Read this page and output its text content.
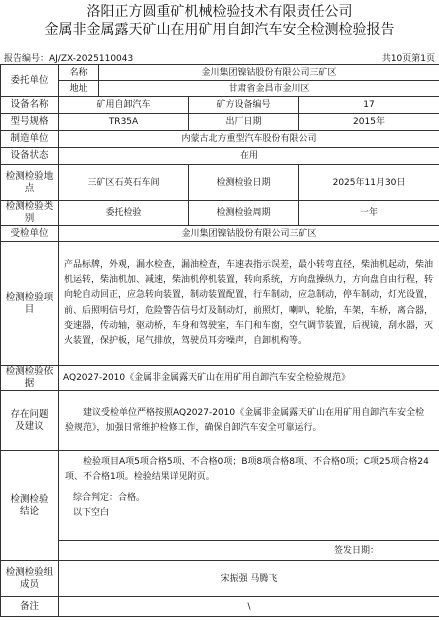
洛阳正方圆重矿机械检验技术有限责任公司
金属非金属露天矿山在用矿用自卸汽车安全检测检验报告
报告编号：AJ/ZX-2025110043	共10页第1页
委托单位	名称	金川集团镍钴股份有限公司三矿区		
	地址	甘肃省金昌市金川区		
设备名称	矿用自卸汽车		矿方设备编号	17
型号规格	TR35A		出厂日期	2015年
制造单位	内蒙古北方重型汽车股份有限公司			
设备状态	在用			
检测检验地点	三矿区石英石车间		检测检验日期	2025年11月30日
检测检验类别	委托检验		检测检验周期	一年
受检单位	金川集团镍钴股份有限公司三矿区			
检测检验项目	产品标牌，外观，漏水检查，漏油检查，车速表指示误差，最小转弯直径，柴油机起动，柴油机运转，柴油机加、减速，柴油机停机装置，转向系统，方向盘操纵力，方向盘自由行程，转向轮自动回正，应急转向装置，制动装置配置，行车制动，应急制动，停车制动，灯光设置，前、后照明信号灯，危险警告信号灯及制动灯，前照灯，喇叭，轮胎，车架，车桥，离合器，变速器，传动轴，驱动桥，车身和驾驶室，车门和车窗，空气调节装置，后视镜，刮水器，灭火装置，保护板，尾气排放，驾驶员耳旁噪声，自卸机构等。			
检测检验依据	AQ2027-2010《金属非金属露天矿山在用矿用自卸汽车安全检验规范》			
存在问题
及建议	建议受检单位严格按照AQ2027-2010《金属非金属露天矿山在用矿用自卸汽车安全检验规范》，加强日常维护检修工作，确保自卸汽车安全可靠运行。			
检测检验
结论	检验项目A项5项合格5项、不合格0项；B项8项合格8项、不合格0项；C项25项合格24项、不合格1项。检验结果详见附页。
综合判定：合格。
以下空白			

	签发日期：			
检测检验组
成员	宋振强 马腾飞			
备注	\			
